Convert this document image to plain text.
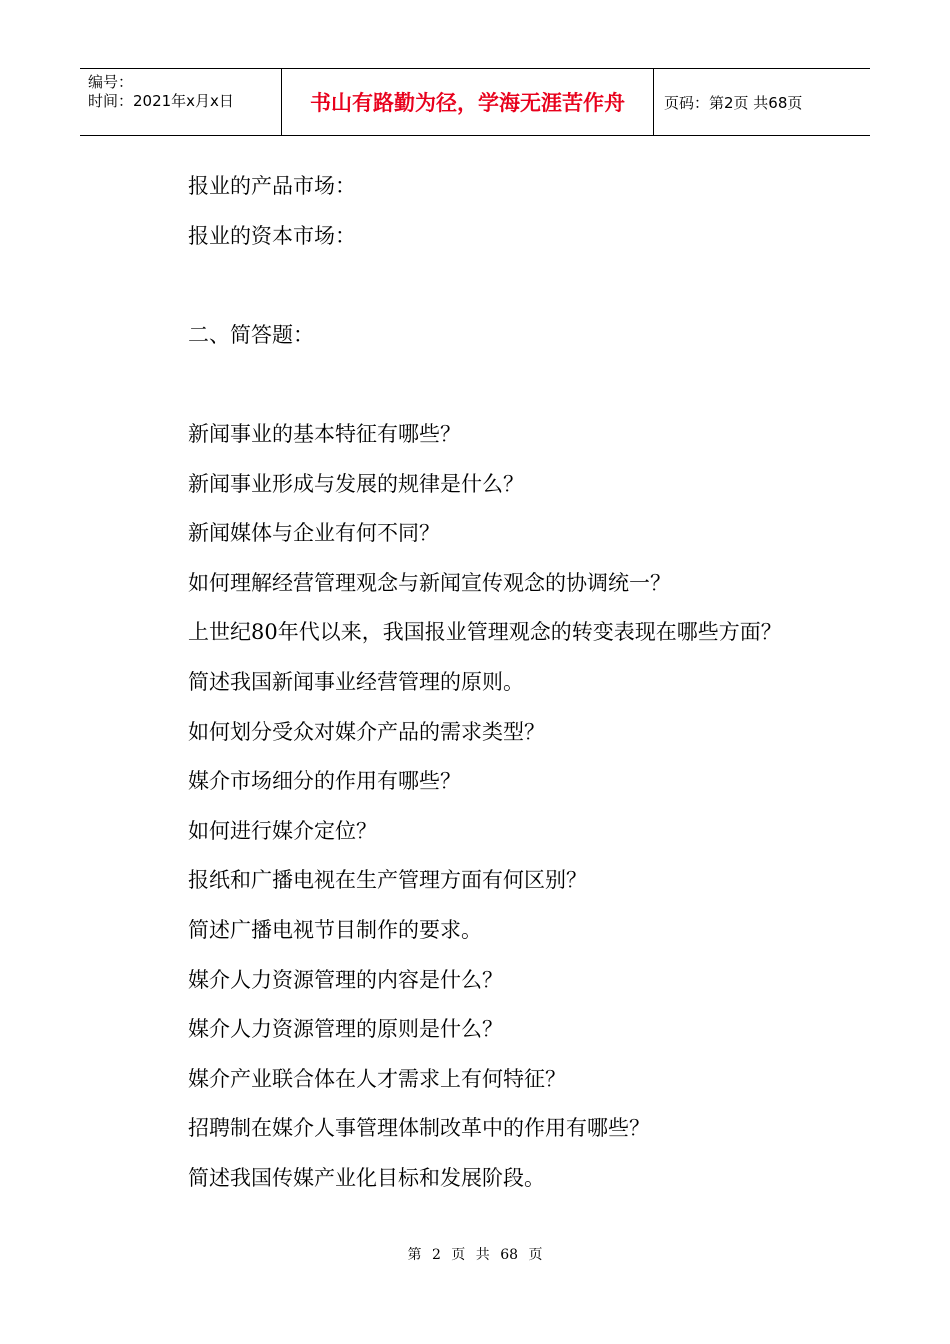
编号：
时间：2021年x月x日	书山有路勤为径，学海无涯苦作舟	页码：第2页 共68页
报业的产品市场：
报业的资本市场：
二、简答题：
新闻事业的基本特征有哪些？
新闻事业形成与发展的规律是什么？
新闻媒体与企业有何不同？
如何理解经营管理观念与新闻宣传观念的协调统一？
上世纪80年代以来，我国报业管理观念的转变表现在哪些方面？
简述我国新闻事业经营管理的原则。
如何划分受众对媒介产品的需求类型？
媒介市场细分的作用有哪些？
如何进行媒介定位？
报纸和广播电视在生产管理方面有何区别？
简述广播电视节目制作的要求。
媒介人力资源管理的内容是什么？
媒介人力资源管理的原则是什么？
媒介产业联合体在人才需求上有何特征？
招聘制在媒介人事管理体制改革中的作用有哪些？
简述我国传媒产业化目标和发展阶段。
第 2 页 共 68 页
